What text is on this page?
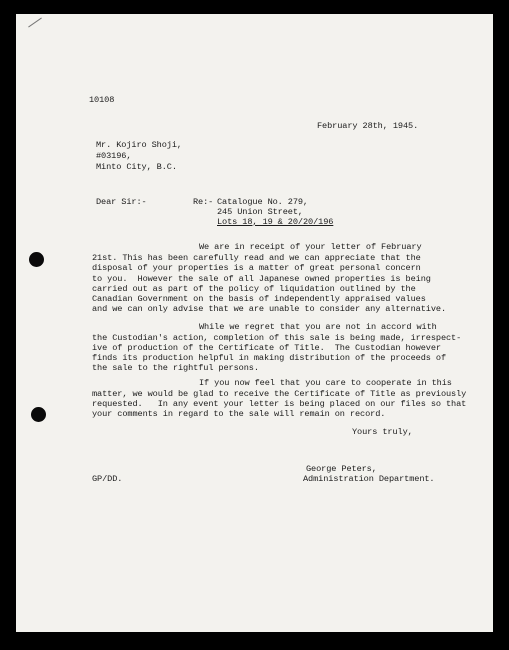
10108
February 28th, 1945.
Mr. Kojiro Shoji,
#03196,
Minto City, B.C.
Dear Sir:-	Re:- Catalogue No. 279,
245 Union Street,
Lots 18, 19 & 20/20/196
We are in receipt of your letter of February
21st. This has been carefully read and we can appreciate that the
disposal of your properties is a matter of great personal concern
to you.  However the sale of all Japanese owned properties is being
carried out as part of the policy of liquidation outlined by the
Canadian Government on the basis of independently appraised values
and we can only advise that we are unable to consider any alternative.
While we regret that you are not in accord with
the Custodian's action, completion of this sale is being made, irrespect-
ive of production of the Certificate of Title.  The Custodian however
finds its production helpful in making distribution of the proceeds of
the sale to the rightful persons.
If you now feel that you care to cooperate in this
matter, we would be glad to receive the Certificate of Title as previously
requested.   In any event your letter is being placed on our files so that
your comments in regard to the sale will remain on record.
Yours truly,
GP/DD.
George Peters,
Administration Department.
